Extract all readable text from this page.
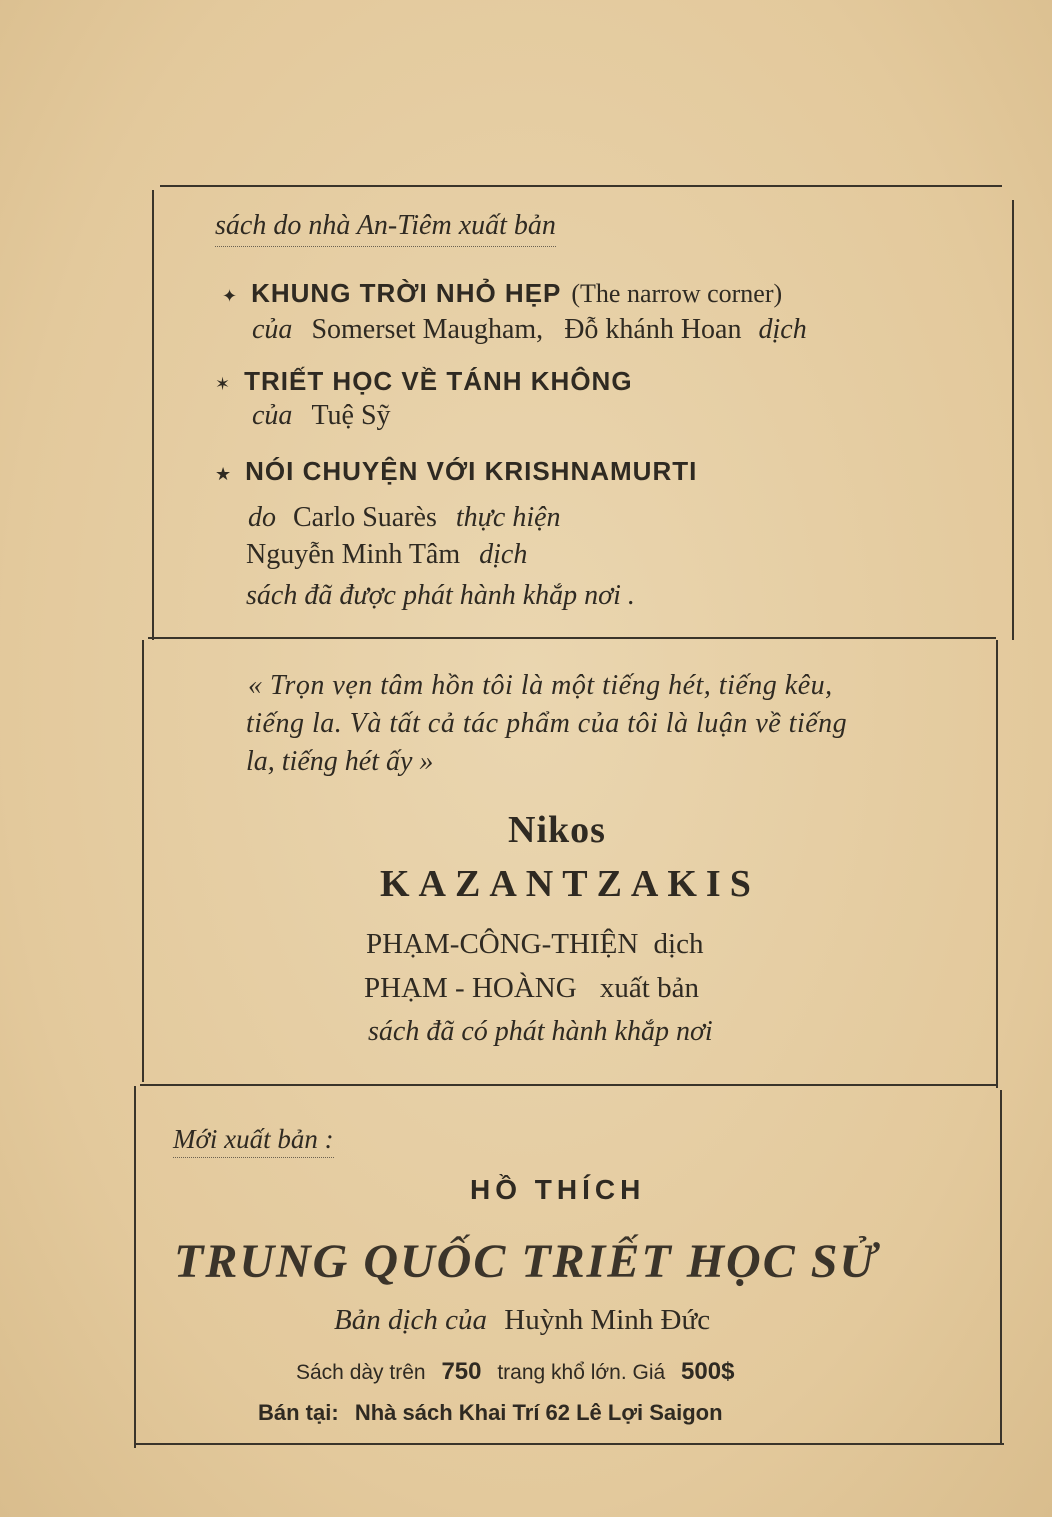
sách do nhà An-Tiêm xuất bản
✦ KHUNG TRỜI NHỎ HẸP (The narrow corner)
của Somerset Maugham, Đỗ khánh Hoan dịch
✶ TRIẾT HỌC VỀ TÁNH KHÔNG
của Tuệ Sỹ
★ NÓI CHUYỆN VỚI KRISHNAMURTI
do Carlo Suarès thực hiện
Nguyễn Minh Tâm dịch
sách đã được phát hành khắp nơi .
« Trọn vẹn tâm hồn tôi là một tiếng hét, tiếng kêu,
tiếng la. Và tất cả tác phẩm của tôi là luận về tiếng
la, tiếng hét ấy »
Nikos
KAZANTZAKIS
PHẠM-CÔNG-THIỆN dịch
PHẠM - HOÀNG xuất bản
sách đã có phát hành khắp nơi
Mới xuất bản :
HỒ THÍCH
TRUNG QUỐC TRIẾT HỌC SỬ
Bản dịch của Huỳnh Minh Đức
Sách dày trên 750 trang khổ lớn. Giá 500$
Bán tại: Nhà sách Khai Trí 62 Lê Lợi Saigon
